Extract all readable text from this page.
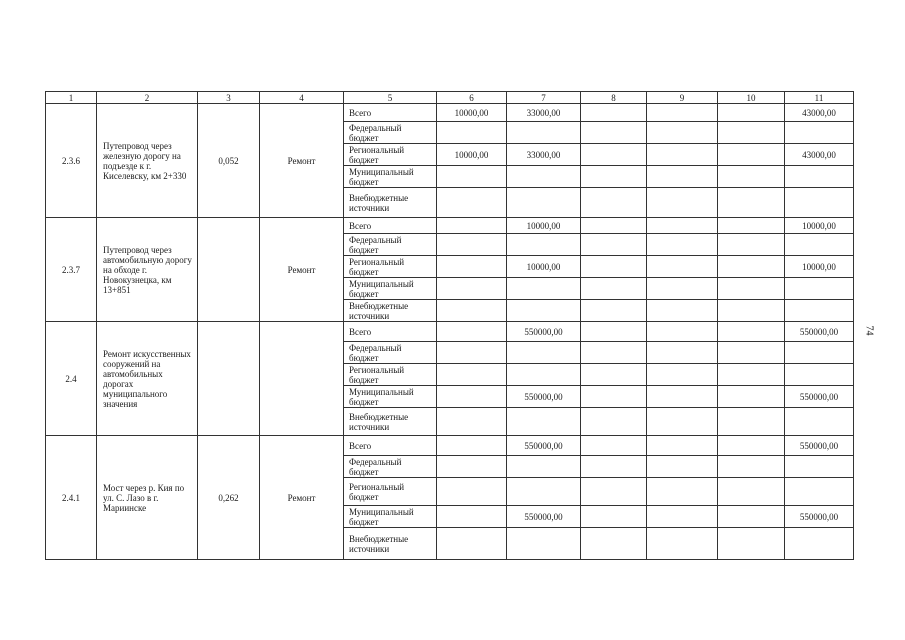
1	2	3	4	5	6	7	8	9	10	11
2.3.6	Путепровод через железную дорогу на подъезде к г. Киселевску, км 2+330	0,052	Ремонт	Всего	10000,00	33000,00				43000,00
				Федеральный бюджет						
				Региональный бюджет	10000,00	33000,00				43000,00
				Муниципальный бюджет						
				Внебюджетные источники						
2.3.7	Путепровод через автомобильную дорогу на обходе г. Новокузнецка, км 13+851		Ремонт	Всего		10000,00				10000,00
				Федеральный бюджет						
				Региональный бюджет		10000,00				10000,00
				Муниципальный бюджет						
				Внебюджетные источники						
2.4	Ремонт искусственных сооружений на автомобильных дорогах муниципального значения			Всего		550000,00				550000,00
				Федеральный бюджет						
				Региональный бюджет						
				Муниципальный бюджет		550000,00				550000,00
				Внебюджетные источники						
2.4.1	Мост через р. Кия по ул. С. Лазо в г. Мариинске	0,262	Ремонт	Всего		550000,00				550000,00
				Федеральный бюджет						
				Региональный бюджет						
				Муниципальный бюджет		550000,00				550000,00
				Внебюджетные источники						
74
